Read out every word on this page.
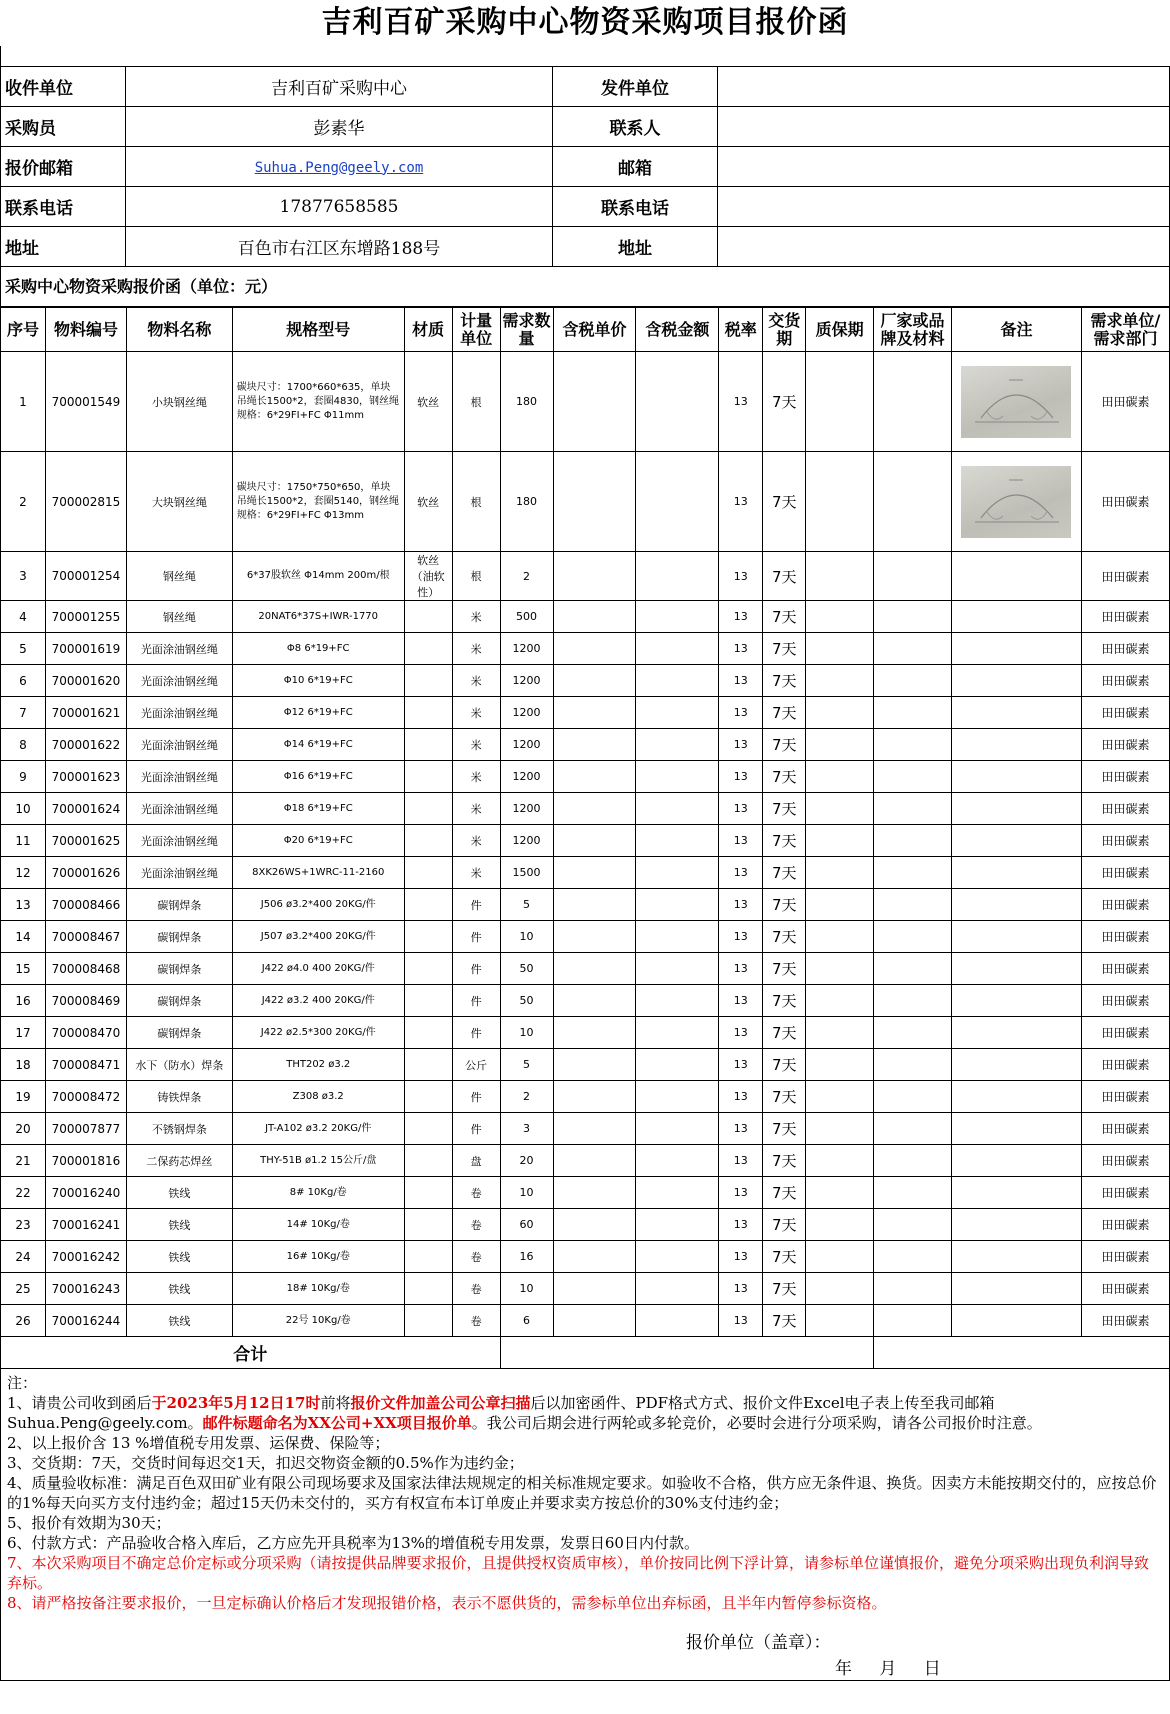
吉利百矿采购中心物资采购项目报价函
收件单位	吉利百矿采购中心	发件单位	
采购员	彭素华	联系人	
报价邮箱	Suhua.Peng@geely.com	邮箱	
联系电话	17877658585	联系电话	
地址	百色市右江区东增路188号	地址	
采购中心物资采购报价函（单位：元）
序号	物料编号	物料名称	规格型号	材质	计量单位	需求数量	含税单价	含税金额	税率	交货期	质保期	厂家或品牌及材料	备注	需求单位/需求部门
1	700001549	小块钢丝绳	碳块尺寸：1700*660*635，单块吊绳长1500*2，套圈4830，钢丝绳规格：6*29FI+FC Φ11mm	软丝	根	180			13	7天				田田碳素
2	700002815	大块钢丝绳	碳块尺寸：1750*750*650，单块吊绳长1500*2，套圈5140，钢丝绳规格：6*29FI+FC Φ13mm	软丝	根	180			13	7天				田田碳素
3	700001254	钢丝绳	6*37股软丝 Φ14mm 200m/根	软丝（油软性）	根	2			13	7天				田田碳素
4	700001255	钢丝绳	20NAT6*37S+IWR-1770		米	500			13	7天				田田碳素
5	700001619	光面涂油钢丝绳	Φ8 6*19+FC		米	1200			13	7天				田田碳素
6	700001620	光面涂油钢丝绳	Φ10 6*19+FC		米	1200			13	7天				田田碳素
7	700001621	光面涂油钢丝绳	Φ12 6*19+FC		米	1200			13	7天				田田碳素
8	700001622	光面涂油钢丝绳	Φ14 6*19+FC		米	1200			13	7天				田田碳素
9	700001623	光面涂油钢丝绳	Φ16 6*19+FC		米	1200			13	7天				田田碳素
10	700001624	光面涂油钢丝绳	Φ18 6*19+FC		米	1200			13	7天				田田碳素
11	700001625	光面涂油钢丝绳	Φ20 6*19+FC		米	1200			13	7天				田田碳素
12	700001626	光面涂油钢丝绳	8XK26WS+1WRC-11-2160		米	1500			13	7天				田田碳素
13	700008466	碳钢焊条	J506 ø3.2*400 20KG/件		件	5			13	7天				田田碳素
14	700008467	碳钢焊条	J507 ø3.2*400 20KG/件		件	10			13	7天				田田碳素
15	700008468	碳钢焊条	J422 ø4.0 400 20KG/件		件	50			13	7天				田田碳素
16	700008469	碳钢焊条	J422 ø3.2 400 20KG/件		件	50			13	7天				田田碳素
17	700008470	碳钢焊条	J422 ø2.5*300 20KG/件		件	10			13	7天				田田碳素
18	700008471	水下（防水）焊条	THT202 ø3.2		公斤	5			13	7天				田田碳素
19	700008472	铸铁焊条	Z308 ø3.2		件	2			13	7天				田田碳素
20	700007877	不锈钢焊条	JT-A102 ø3.2 20KG/件		件	3			13	7天				田田碳素
21	700001816	二保药芯焊丝	THY-51B ø1.2 15公斤/盘		盘	20			13	7天				田田碳素
22	700016240	铁线	8# 10Kg/卷		卷	10			13	7天				田田碳素
23	700016241	铁线	14# 10Kg/卷		卷	60			13	7天				田田碳素
24	700016242	铁线	16# 10Kg/卷		卷	16			13	7天				田田碳素
25	700016243	铁线	18# 10Kg/卷		卷	10			13	7天				田田碳素
26	700016244	铁线	22号 10Kg/卷		卷	6			13	7天				田田碳素
合计														

注：

1、请贵公司收到函后于2023年5月12日17时前将报价文件加盖公司公章扫描后以加密函件、PDF格式方式、报价文件Excel电子表上传至我司邮箱Suhua.Peng@geely.com。邮件标题命名为XX公司+XX项目报价单。我公司后期会进行两轮或多轮竞价，必要时会进行分项采购，请各公司报价时注意。

2、以上报价含 13 %增值税专用发票、运保费、保险等；

3、交货期：7天，交货时间每迟交1天，扣迟交物资金额的0.5%作为违约金；

4、质量验收标准：满足百色双田矿业有限公司现场要求及国家法律法规规定的相关标准规定要求。如验收不合格，供方应无条件退、换货。因卖方未能按期交付的，应按总价的1%每天向买方支付违约金；超过15天仍未交付的，买方有权宣布本订单废止并要求卖方按总价的30%支付违约金；

5、报价有效期为30天；

6、付款方式：产品验收合格入库后，乙方应先开具税率为13%的增值税专用发票，发票日60日内付款。

7、本次采购项目不确定总价定标或分项采购（请按提供品牌要求报价，且提供授权资质审核），单价按同比例下浮计算，请参标单位谨慎报价，避免分项采购出现负利润导致弃标。

8、请严格按备注要求报价，一旦定标确认价格后才发现报错价格，表示不愿供货的，需参标单位出弃标函，且半年内暂停参标资格。

报价单位（盖章）：
年 月 日
